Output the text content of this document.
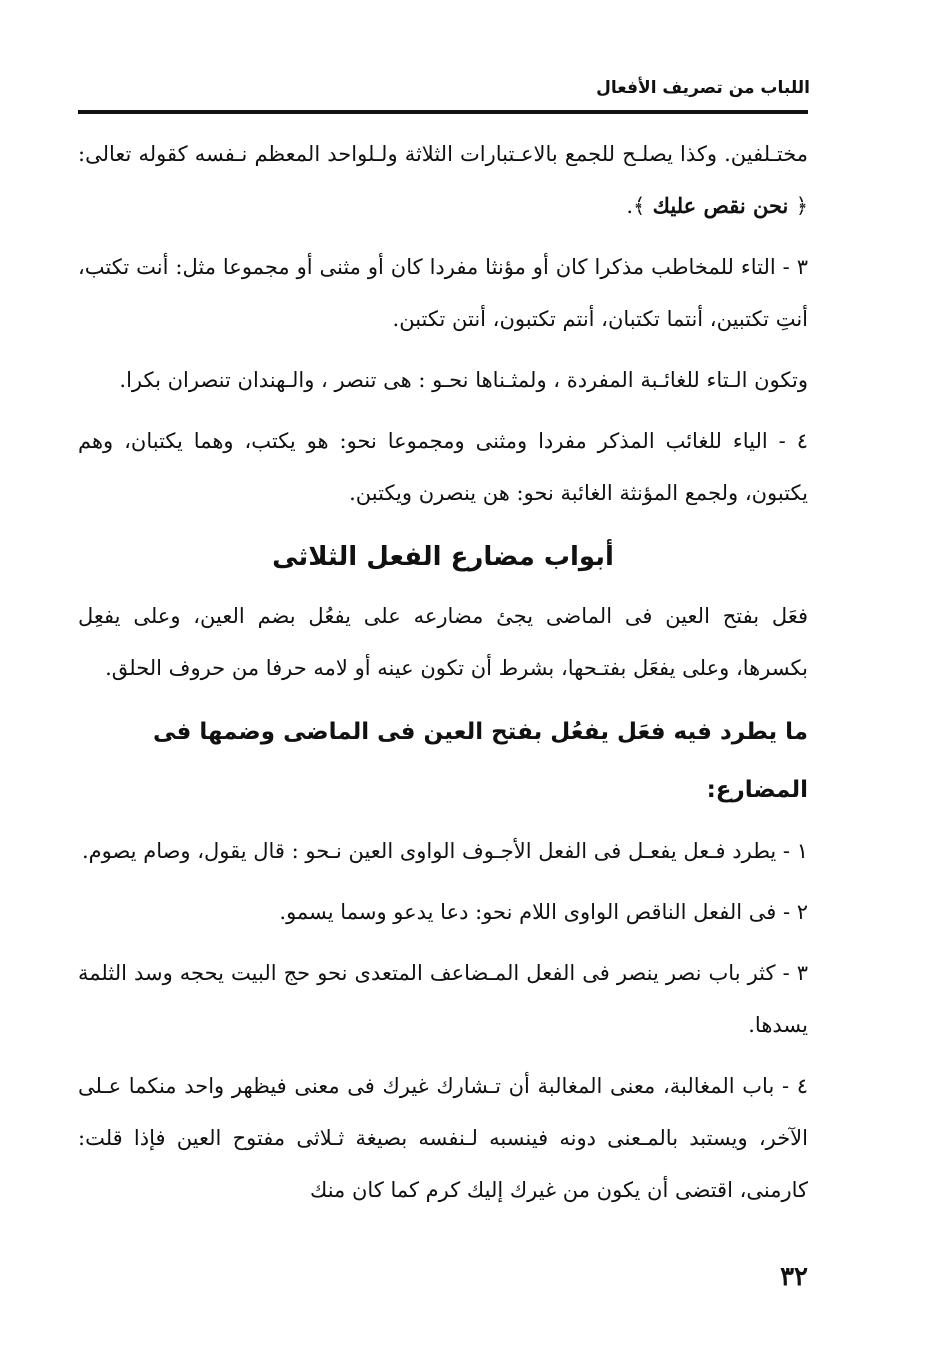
اللباب من تصريف الأفعال

مختـلفين. وكذا يصلـح للجمع بالاعـتبارات الثلاثة ولـلواحد المعظم نـفسه كقوله تعالى: ﴿ نحن نقص عليك ﴾.

٣ - التاء للمخاطب مذكرا كان أو مؤنثا مفردا كان أو مثنى أو مجموعا مثل: أنت تكتب، أنتِ تكتبين، أنتما تكتبان، أنتم تكتبون، أنتن تكتبن.

وتكون الـتاء للغائـبة المفردة ، ولمثـناها نحـو : هى تنصر ، والـهندان تنصران بكرا.

٤ - الياء للغائب المذكر مفردا ومثنى ومجموعا نحو: هو يكتب، وهما يكتبان، وهم يكتبون، ولجمع المؤنثة الغائبة نحو: هن ينصرن ويكتبن.

أبواب مضارع الفعل الثلاثى

فعَل بفتح العين فى الماضى يجئ مضارعه على يفعُل بضم العين، وعلى يفعِل بكسرها، وعلى يفعَل بفتـحها، بشرط أن تكون عينه أو لامه حرفا من حروف الحلق.

ما يطرد فيه فعَل يفعُل بفتح العين فى الماضى وضمها فى المضارع:

١ - يطرد فـعل يفعـل فى الفعل الأجـوف الواوى العين نـحو : قال يقول، وصام يصوم.

٢ - فى الفعل الناقص الواوى اللام نحو: دعا يدعو وسما يسمو.

٣ - كثر باب نصر ينصر فى الفعل المـضاعف المتعدى نحو حج البيت يحجه وسد الثلمة يسدها.

٤ - باب المغالبة، معنى المغالبة أن تـشارك غيرك فى معنى فيظهر واحد منكما عـلى الآخر، ويستبد بالمـعنى دونه فينسبه لـنفسه بصيغة ثـلاثى مفتوح العين فإذا قلت: كارمنى، اقتضى أن يكون من غيرك إليك كرم كما كان منك

٣٢
